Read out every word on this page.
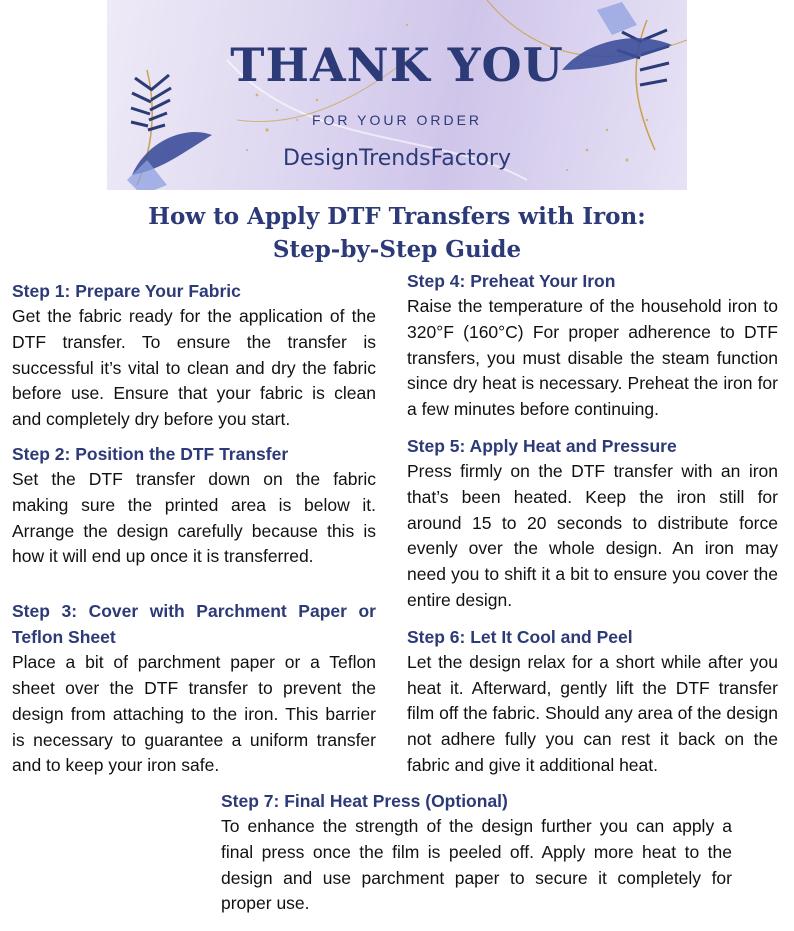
THANK YOU
FOR YOUR ORDER
DesignTrendsFactory
How to Apply DTF Transfers with Iron:
Step-by-Step Guide
Step 1: Prepare Your Fabric

Get the fabric ready for the application of the DTF transfer. To ensure the transfer is successful it’s vital to clean and dry the fabric before use. Ensure that your fabric is clean and completely dry before you start.

Step 2: Position the DTF Transfer

Set the DTF transfer down on the fabric making sure the printed area is below it. Arrange the design carefully because this is how it will end up once it is transferred.

Step 3: Cover with Parchment Paper or Teflon Sheet

Place a bit of parchment paper or a Teflon sheet over the DTF transfer to prevent the design from attaching to the iron. This barrier is necessary to guarantee a uniform transfer and to keep your iron safe.

Step 4: Preheat Your Iron

Raise the temperature of the household iron to 320°F (160°C) For proper adherence to DTF transfers, you must disable the steam function since dry heat is necessary. Preheat the iron for a few minutes before continuing.

Step 5: Apply Heat and Pressure

Press firmly on the DTF transfer with an iron that’s been heated. Keep the iron still for around 15 to 20 seconds to distribute force evenly over the whole design. An iron may need you to shift it a bit to ensure you cover the entire design.

Step 6: Let It Cool and Peel

Let the design relax for a short while after you heat it. Afterward, gently lift the DTF transfer film off the fabric. Should any area of the design not adhere fully you can rest it back on the fabric and give it additional heat.

Step 7: Final Heat Press (Optional)

To enhance the strength of the design further you can apply a final press once the film is peeled off. Apply more heat to the design and use parchment paper to secure it completely for proper use.
